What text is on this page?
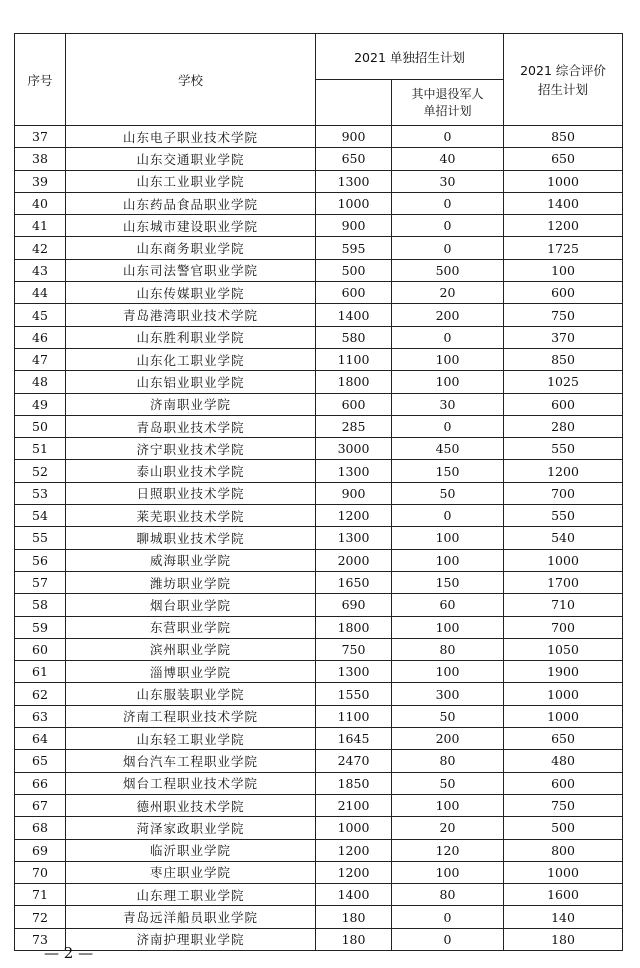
序号	学校	2021 单独招生计划		2021 综合评价招生计划
			其中退役军人单招计划	
37	山东电子职业技术学院	900	0	850
38	山东交通职业学院	650	40	650
39	山东工业职业学院	1300	30	1000
40	山东药品食品职业学院	1000	0	1400
41	山东城市建设职业学院	900	0	1200
42	山东商务职业学院	595	0	1725
43	山东司法警官职业学院	500	500	100
44	山东传媒职业学院	600	20	600
45	青岛港湾职业技术学院	1400	200	750
46	山东胜利职业学院	580	0	370
47	山东化工职业学院	1100	100	850
48	山东铝业职业学院	1800	100	1025
49	济南职业学院	600	30	600
50	青岛职业技术学院	285	0	280
51	济宁职业技术学院	3000	450	550
52	泰山职业技术学院	1300	150	1200
53	日照职业技术学院	900	50	700
54	莱芜职业技术学院	1200	0	550
55	聊城职业技术学院	1300	100	540
56	威海职业学院	2000	100	1000
57	潍坊职业学院	1650	150	1700
58	烟台职业学院	690	60	710
59	东营职业学院	1800	100	700
60	滨州职业学院	750	80	1050
61	淄博职业学院	1300	100	1900
62	山东服装职业学院	1550	300	1000
63	济南工程职业技术学院	1100	50	1000
64	山东轻工职业学院	1645	200	650
65	烟台汽车工程职业学院	2470	80	480
66	烟台工程职业技术学院	1850	50	600
67	德州职业技术学院	2100	100	750
68	菏泽家政职业学院	1000	20	500
69	临沂职业学院	1200	120	800
70	枣庄职业学院	1200	100	1000
71	山东理工职业学院	1400	80	1600
72	青岛远洋船员职业学院	180	0	140
73	济南护理职业学院	180	0	180
— 2 —
